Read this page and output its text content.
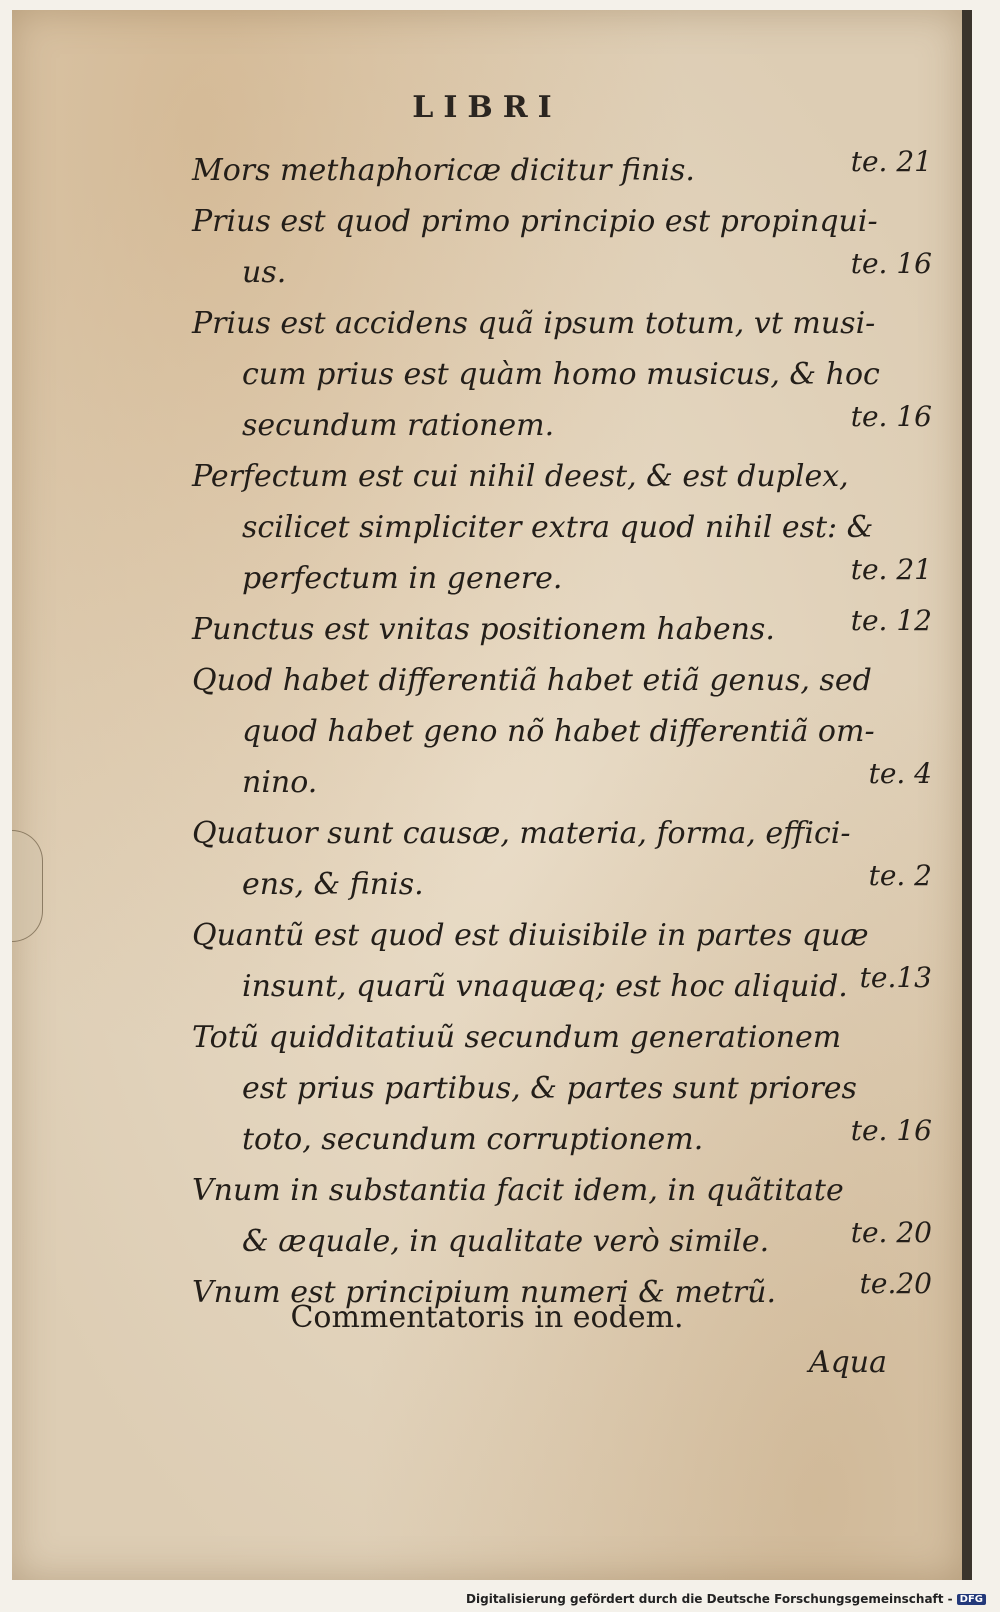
LIBRI
Mors methaphoricæ dicitur finis.	te. 21
Prius est quod primo principio est propinqui-
us.	te. 16
Prius est accidens quã ipsum totum, vt musi-
cum prius est quàm homo musicus, & hoc
secundum rationem.	te. 16
Perfectum est cui nihil deest, & est duplex,
scilicet simpliciter extra quod nihil est: &
perfectum in genere.	te. 21
Punctus est vnitas positionem habens.	te. 12
Quod habet differentiã habet etiã genus, sed
quod habet geno nõ habet differentiã om-
nino.	te. 4
Quatuor sunt causæ, materia, forma, effici-
ens, & finis.	te. 2
Quantũ est quod est diuisibile in partes quæ
insunt, quarũ vnaquæq; est hoc aliquid. te.13
Totũ quidditatiuũ secundum generationem
est prius partibus, & partes sunt priores
toto, secundum corruptionem.	te. 16
Vnum in substantia facit idem, in quãtitate
& æquale, in qualitate verò simile.	te. 20
Vnum est principium numeri & metrũ.	te.20
Commentatoris in eodem.
Aqua
Digitalisierung gefördert durch die Deutsche Forschungsgemeinschaft - DFG
